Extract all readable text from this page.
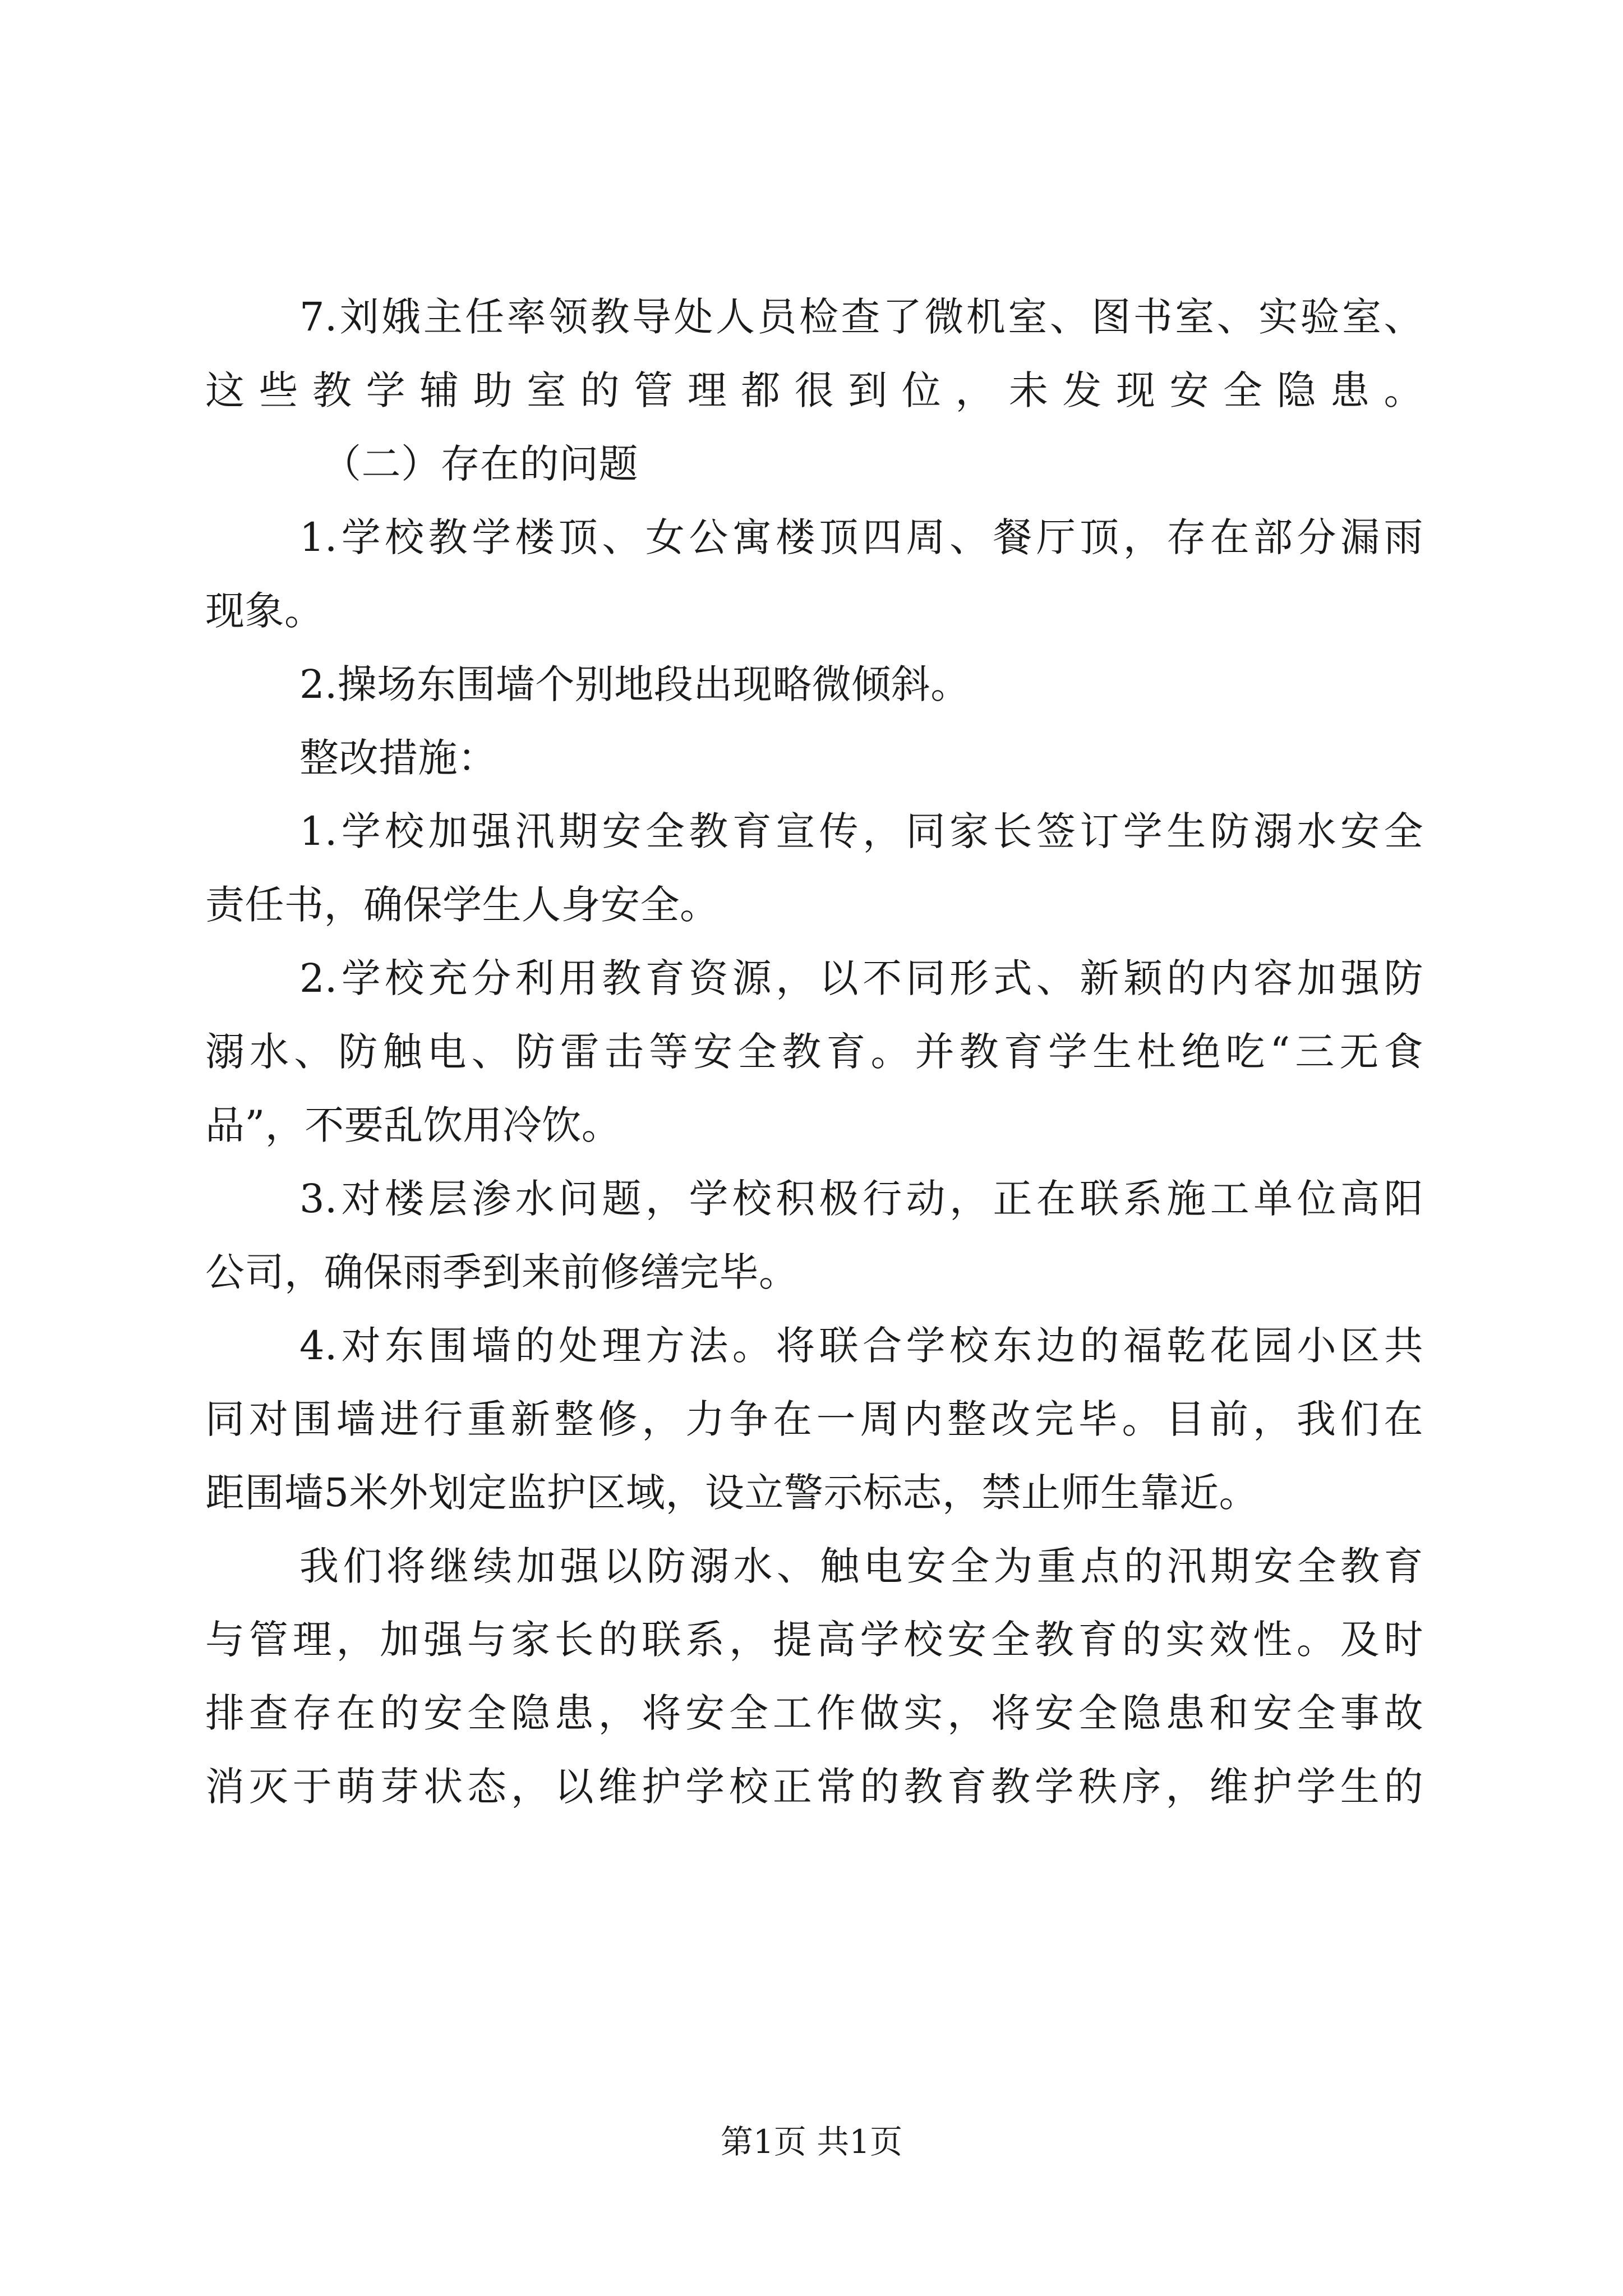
7.刘娥主任率领教导处人员检查了微机室、图书室、实验室、
这些教学辅助室的管理都很到位，未发现安全隐患。
（二）存在的问题
1.学校教学楼顶、女公寓楼顶四周、餐厅顶，存在部分漏雨
现象。
2.操场东围墙个别地段出现略微倾斜。
整改措施：
1.学校加强汛期安全教育宣传，同家长签订学生防溺水安全
责任书，确保学生人身安全。
2.学校充分利用教育资源，以不同形式、新颖的内容加强防
溺水、防触电、防雷击等安全教育。并教育学生杜绝吃“三无食
品”，不要乱饮用冷饮。
3.对楼层渗水问题，学校积极行动，正在联系施工单位高阳
公司，确保雨季到来前修缮完毕。
4.对东围墙的处理方法。将联合学校东边的福乾花园小区共
同对围墙进行重新整修，力争在一周内整改完毕。目前，我们在
距围墙5米外划定监护区域，设立警示标志，禁止师生靠近。
我们将继续加强以防溺水、触电安全为重点的汛期安全教育
与管理，加强与家长的联系，提高学校安全教育的实效性。及时
排查存在的安全隐患，将安全工作做实，将安全隐患和安全事故
消灭于萌芽状态，以维护学校正常的教育教学秩序，维护学生的
第1页 共1页
